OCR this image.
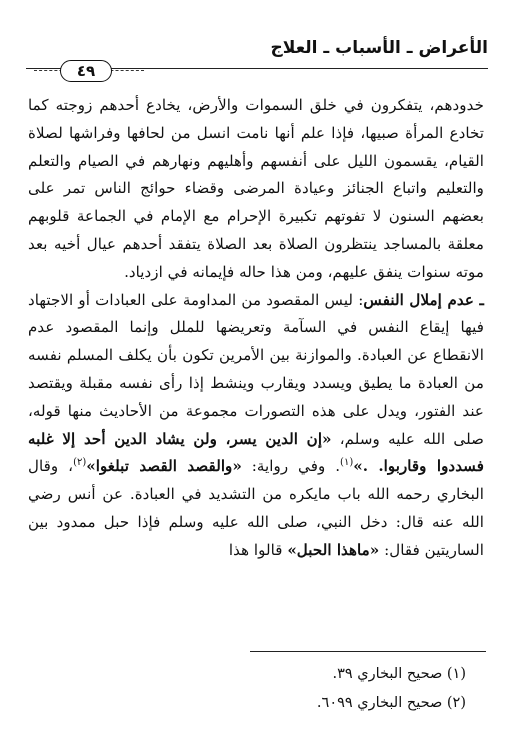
الأعراض ـ الأسباب ـ العلاج
٤٩

خدودهم، يتفكرون في خلق السموات والأرض، يخادع أحدهم زوجته كما تخادع المرأة صبيها، فإذا علم أنها نامت انسل من لحافها وفراشها لصلاة القيام، يقسمون الليل على أنفسهم وأهليهم ونهارهم في الصيام والتعلم والتعليم واتباع الجنائز وعيادة المرضى وقضاء حوائج الناس تمر على بعضهم السنون لا تفوتهم تكبيرة الإحرام مع الإمام في الجماعة قلوبهم معلقة بالمساجد ينتظرون الصلاة بعد الصلاة يتفقد أحدهم عيال أخيه بعد موته سنوات ينفق عليهم، ومن هذا حاله فإيمانه في ازدياد.

ـ عدم إملال النفس: ليس المقصود من المداومة على العبادات أو الاجتهاد فيها إيقاع النفس في السآمة وتعريضها للملل وإنما المقصود عدم الانقطاع عن العبادة. والموازنة بين الأمرين تكون بأن يكلف المسلم نفسه من العبادة ما يطيق ويسدد ويقارب وينشط إذا رأى نفسه مقبلة ويقتصد عند الفتور، ويدل على هذه التصورات مجموعة من الأحاديث منها قوله، صلى الله عليه وسلم، «إن الدين يسر، ولن يشاد الدين أحد إلا غلبه فسددوا وقاربوا. .»$^{(١)}$. وفي رواية: «والقصد القصد تبلغوا»$^{(٢)}$، وقال البخاري رحمه الله باب مايكره من التشديد في العبادة. عن أنس رضي الله عنه قال: دخل النبي، صلى الله عليه وسلم فإذا حبل ممدود بين الساريتين فقال: «ماهذا الحبل» قالوا هذا

(١) صحيح البخاري ٣٩.
(٢) صحيح البخاري ٦٠٩٩.
